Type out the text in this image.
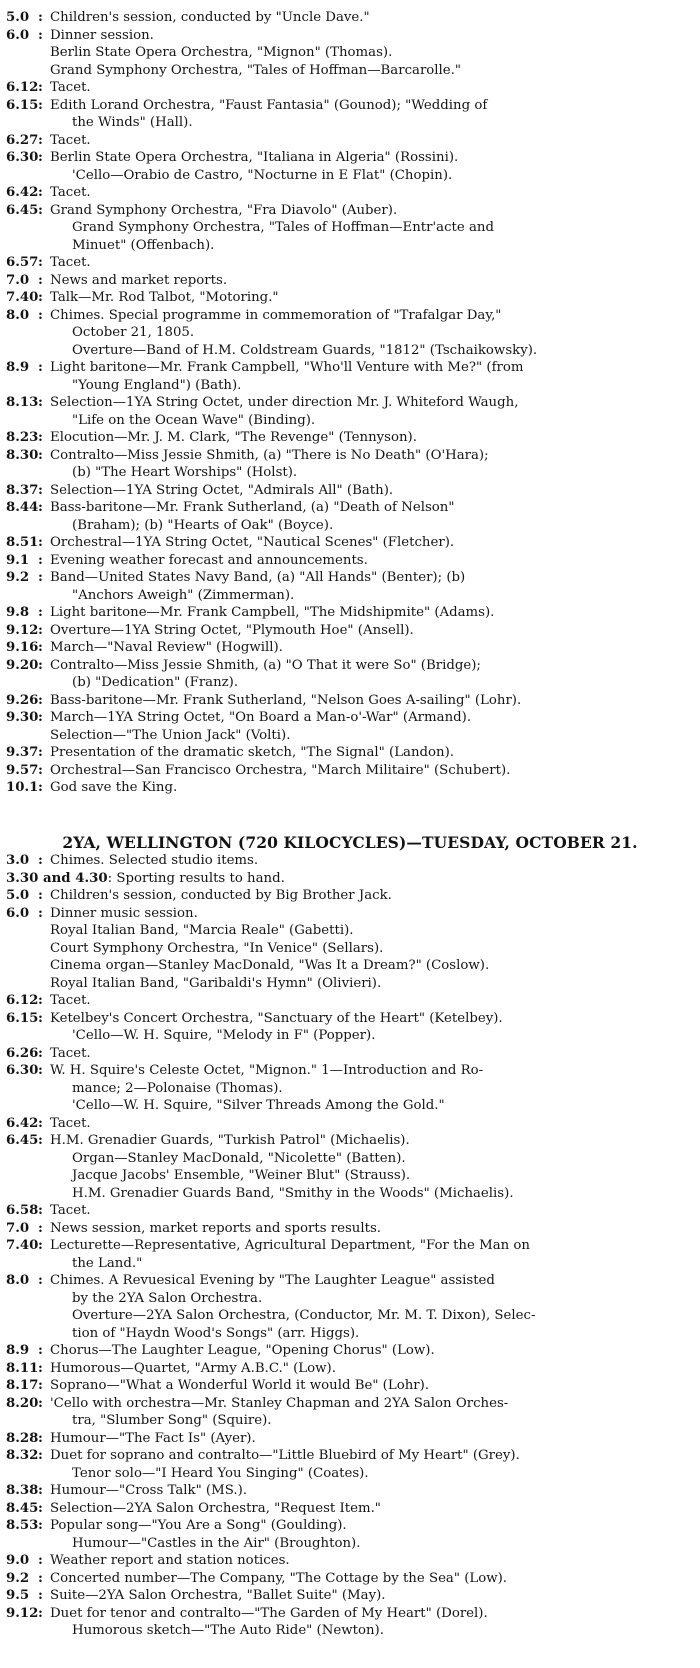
5.0 : Children's session, conducted by "Uncle Dave."
6.0 : Dinner session.
Berlin State Opera Orchestra, "Mignon" (Thomas).
Grand Symphony Orchestra, "Tales of Hoffman—Barcarolle."
6.12 : Tacet.
6.15 : Edith Lorand Orchestra, "Faust Fantasia" (Gounod); "Wedding of
the Winds" (Hall).
6.27 : Tacet.
6.30 : Berlin State Opera Orchestra, "Italiana in Algeria" (Rossini).
'Cello—Orabio de Castro, "Nocturne in E Flat" (Chopin).
6.42 : Tacet.
6.45 : Grand Symphony Orchestra, "Fra Diavolo" (Auber).
Grand Symphony Orchestra, "Tales of Hoffman—Entr'acte and
Minuet" (Offenbach).
6.57 : Tacet.
7.0 : News and market reports.
7.40 : Talk—Mr. Rod Talbot, "Motoring."
8.0 : Chimes. Special programme in commemoration of "Trafalgar Day,"
October 21, 1805.
Overture—Band of H.M. Coldstream Guards, "1812" (Tschaikowsky).
8.9 : Light baritone—Mr. Frank Campbell, "Who'll Venture with Me?" (from
"Young England") (Bath).
8.13 : Selection—1YA String Octet, under direction Mr. J. Whiteford Waugh,
"Life on the Ocean Wave" (Binding).
8.23 : Elocution—Mr. J. M. Clark, "The Revenge" (Tennyson).
8.30 : Contralto—Miss Jessie Shmith, (a) "There is No Death" (O'Hara);
(b) "The Heart Worships" (Holst).
8.37 : Selection—1YA String Octet, "Admirals All" (Bath).
8.44 : Bass-baritone—Mr. Frank Sutherland, (a) "Death of Nelson"
(Braham); (b) "Hearts of Oak" (Boyce).
8.51 : Orchestral—1YA String Octet, "Nautical Scenes" (Fletcher).
9.1 : Evening weather forecast and announcements.
9.2 : Band—United States Navy Band, (a) "All Hands" (Benter); (b)
"Anchors Aweigh" (Zimmerman).
9.8 : Light baritone—Mr. Frank Campbell, "The Midshipmite" (Adams).
9.12 : Overture—1YA String Octet, "Plymouth Hoe" (Ansell).
9.16 : March—"Naval Review" (Hogwill).
9.20 : Contralto—Miss Jessie Shmith, (a) "O That it were So" (Bridge);
(b) "Dedication" (Franz).
9.26 : Bass-baritone—Mr. Frank Sutherland, "Nelson Goes A-sailing" (Lohr).
9.30 : March—1YA String Octet, "On Board a Man-o'-War" (Armand).
Selection—"The Union Jack" (Volti).
9.37 : Presentation of the dramatic sketch, "The Signal" (Landon).
9.57 : Orchestral—San Francisco Orchestra, "March Militaire" (Schubert).
10.1 : God save the King.
2YA, WELLINGTON (720 KILOCYCLES)—TUESDAY, OCTOBER 21.
3.0 : Chimes. Selected studio items.
3.30 and 4.30: Sporting results to hand.
5.0 : Children's session, conducted by Big Brother Jack.
6.0 : Dinner music session.
Royal Italian Band, "Marcia Reale" (Gabetti).
Court Symphony Orchestra, "In Venice" (Sellars).
Cinema organ—Stanley MacDonald, "Was It a Dream?" (Coslow).
Royal Italian Band, "Garibaldi's Hymn" (Olivieri).
6.12 : Tacet.
6.15 : Ketelbey's Concert Orchestra, "Sanctuary of the Heart" (Ketelbey).
'Cello—W. H. Squire, "Melody in F" (Popper).
6.26 : Tacet.
6.30 : W. H. Squire's Celeste Octet, "Mignon." 1—Introduction and Ro-
mance; 2—Polonaise (Thomas).
'Cello—W. H. Squire, "Silver Threads Among the Gold."
6.42 : Tacet.
6.45 : H.M. Grenadier Guards, "Turkish Patrol" (Michaelis).
Organ—Stanley MacDonald, "Nicolette" (Batten).
Jacque Jacobs' Ensemble, "Weiner Blut" (Strauss).
H.M. Grenadier Guards Band, "Smithy in the Woods" (Michaelis).
6.58 : Tacet.
7.0 : News session, market reports and sports results.
7.40 : Lecturette—Representative, Agricultural Department, "For the Man on
the Land."
8.0 : Chimes. A Revuesical Evening by "The Laughter League" assisted
by the 2YA Salon Orchestra.
Overture—2YA Salon Orchestra, (Conductor, Mr. M. T. Dixon), Selec-
tion of "Haydn Wood's Songs" (arr. Higgs).
8.9 : Chorus—The Laughter League, "Opening Chorus" (Low).
8.11 : Humorous—Quartet, "Army A.B.C." (Low).
8.17 : Soprano—"What a Wonderful World it would Be" (Lohr).
8.20 : 'Cello with orchestra—Mr. Stanley Chapman and 2YA Salon Orches-
tra, "Slumber Song" (Squire).
8.28 : Humour—"The Fact Is" (Ayer).
8.32 : Duet for soprano and contralto—"Little Bluebird of My Heart" (Grey).
Tenor solo—"I Heard You Singing" (Coates).
8.38 : Humour—"Cross Talk" (MS.).
8.45 : Selection—2YA Salon Orchestra, "Request Item."
8.53 : Popular song—"You Are a Song" (Goulding).
Humour—"Castles in the Air" (Broughton).
9.0 : Weather report and station notices.
9.2 : Concerted number—The Company, "The Cottage by the Sea" (Low).
9.5 : Suite—2YA Salon Orchestra, "Ballet Suite" (May).
9.12 : Duet for tenor and contralto—"The Garden of My Heart" (Dorel).
Humorous sketch—"The Auto Ride" (Newton).
